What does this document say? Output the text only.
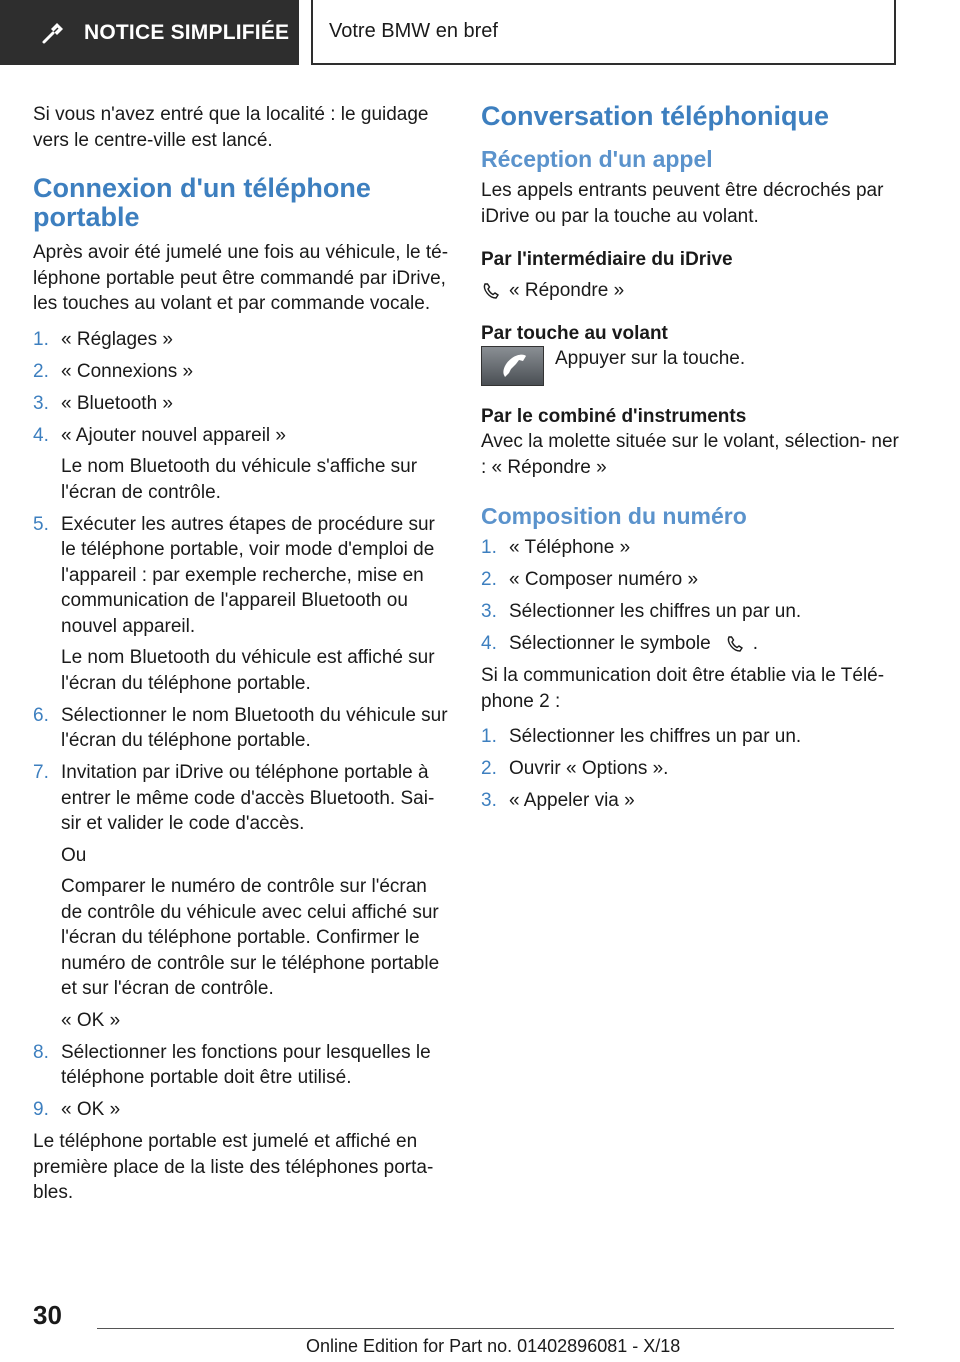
NOTICE SIMPLIFIÉE Votre BMW en bref

Si vous n'avez entré que la localité : le guidage vers le centre-ville est lancé.

Connexion d'un téléphone portable

Après avoir été jumelé une fois au véhicule, le té- léphone portable peut être commandé par iDrive, les touches au volant et par commande vocale.

1. « Réglages »
2. « Connexions »
3. « Bluetooth »
4. « Ajouter nouvel appareil »
Le nom Bluetooth du véhicule s'affiche sur l'écran de contrôle.
5. Exécuter les autres étapes de procédure sur le téléphone portable, voir mode d'emploi de l'appareil : par exemple recherche, mise en communication de l'appareil Bluetooth ou nouvel appareil.
Le nom Bluetooth du véhicule est affiché sur l'écran du téléphone portable.
6. Sélectionner le nom Bluetooth du véhicule sur l'écran du téléphone portable.
7. Invitation par iDrive ou téléphone portable à entrer le même code d'accès Bluetooth. Sai- sir et valider le code d'accès.
Ou
Comparer le numéro de contrôle sur l'écran de contrôle du véhicule avec celui affiché sur l'écran du téléphone portable. Confirmer le numéro de contrôle sur le téléphone portable et sur l'écran de contrôle.
« OK »
8. Sélectionner les fonctions pour lesquelles le téléphone portable doit être utilisé.
9. « OK »

Le téléphone portable est jumelé et affiché en première place de la liste des téléphones porta- bles.

Conversation téléphonique
Réception d'un appel

Les appels entrants peuvent être décrochés par iDrive ou par la touche au volant.

Par l'intermédiaire du iDrive
« Répondre »
Par touche au volant
Appuyer sur la touche.
Par le combiné d'instruments

Avec la molette située sur le volant, sélection- ner : « Répondre »

Composition du numéro
1. « Téléphone »
2. « Composer numéro »
3. Sélectionner les chiffres un par un.
4. Sélectionner le symbole .

Si la communication doit être établie via le Télé- phone 2 :

1. Sélectionner les chiffres un par un.
2. Ouvrir « Options ».
3. « Appeler via »
30
Online Edition for Part no. 01402896081 - X/18
